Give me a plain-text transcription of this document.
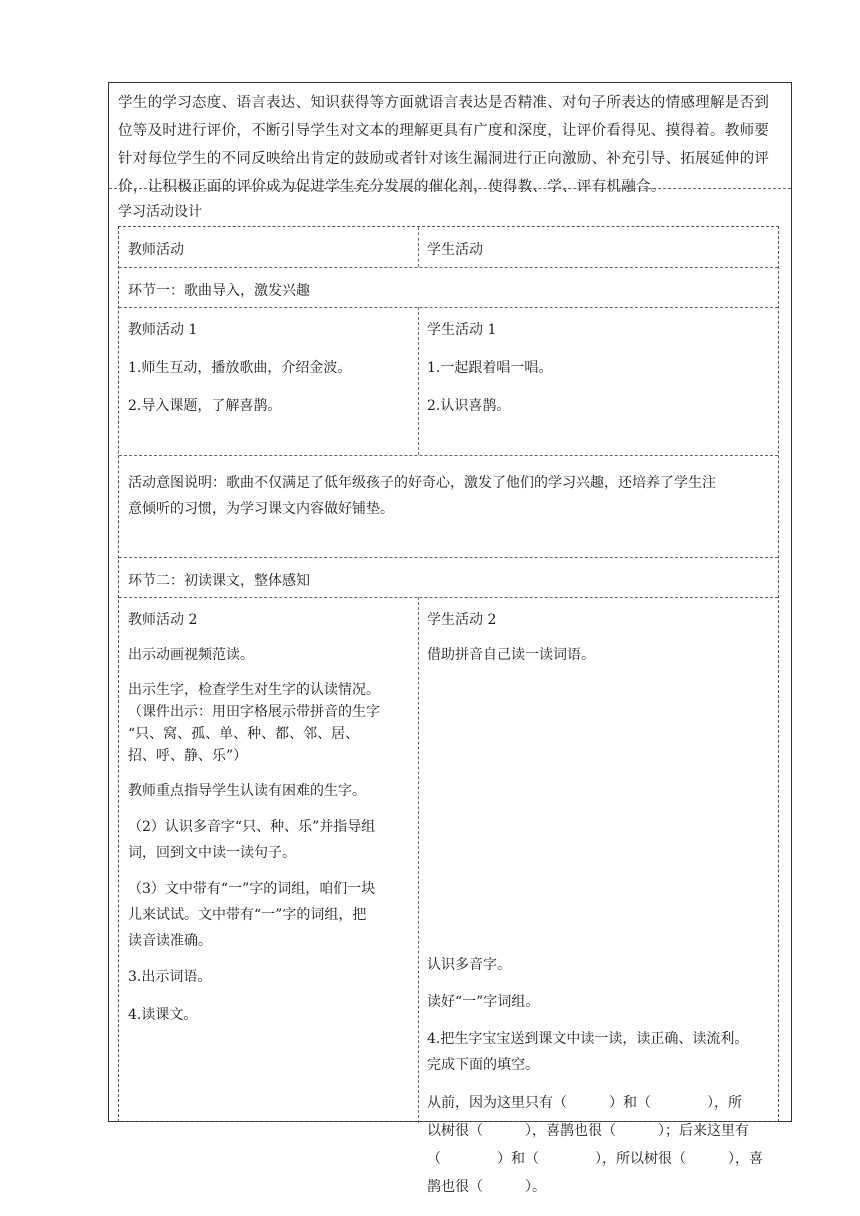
学生的学习态度、语言表达、知识获得等方面就语言表达是否精准、对句子所表达的情感理解是否到

位等及时进行评价，不断引导学生对文本的理解更具有广度和深度，让评价看得见、摸得着。教师要

针对每位学生的不同反映给出肯定的鼓励或者针对该生漏洞进行正向激励、补充引导、拓展延伸的评

价，让积极正面的评价成为促进学生充分发展的催化剂，使得教、学、评有机融合。

学习活动设计
教师活动	学生活动
环节一：歌曲导入，激发兴趣

教师活动 1

1.师生互动，播放歌曲，介绍金波。

2.导入课题，了解喜鹊。

学生活动 1

1.一起跟着唱一唱。

2.认识喜鹊。

活动意图说明：歌曲不仅满足了低年级孩子的好奇心，激发了他们的学习兴趣，还培养了学生注

意倾听的习惯，为学习课文内容做好铺垫。

环节二：初读课文，整体感知

教师活动 2

出示动画视频范读。

出示生字，检查学生对生字的认读情况。

（课件出示：用田字格展示带拼音的生字

“只、窝、孤、单、种、都、邻、居、

招、呼、静、乐”）

教师重点指导学生认读有困难的生字。

（2）认识多音字“只、种、乐”并指导组

词，回到文中读一读句子。

（3）文中带有“一”字的词组，咱们一块

儿来试试。文中带有“一”字的词组，把

读音读准确。

3.出示词语。

4.读课文。

学生活动 2

借助拼音自己读一读词语。

认识多音字。

读好“一”字词组。

4.把生字宝宝送到课文中读一读，读正确、读流利。

完成下面的填空。

从前，因为这里只有（　　　）和（　　　　），所

以树很（　　　），喜鹊也很（　　　）；后来这里有

（　　　　）和（　　　　），所以树很（　　　），喜

鹊也很（　　　）。
